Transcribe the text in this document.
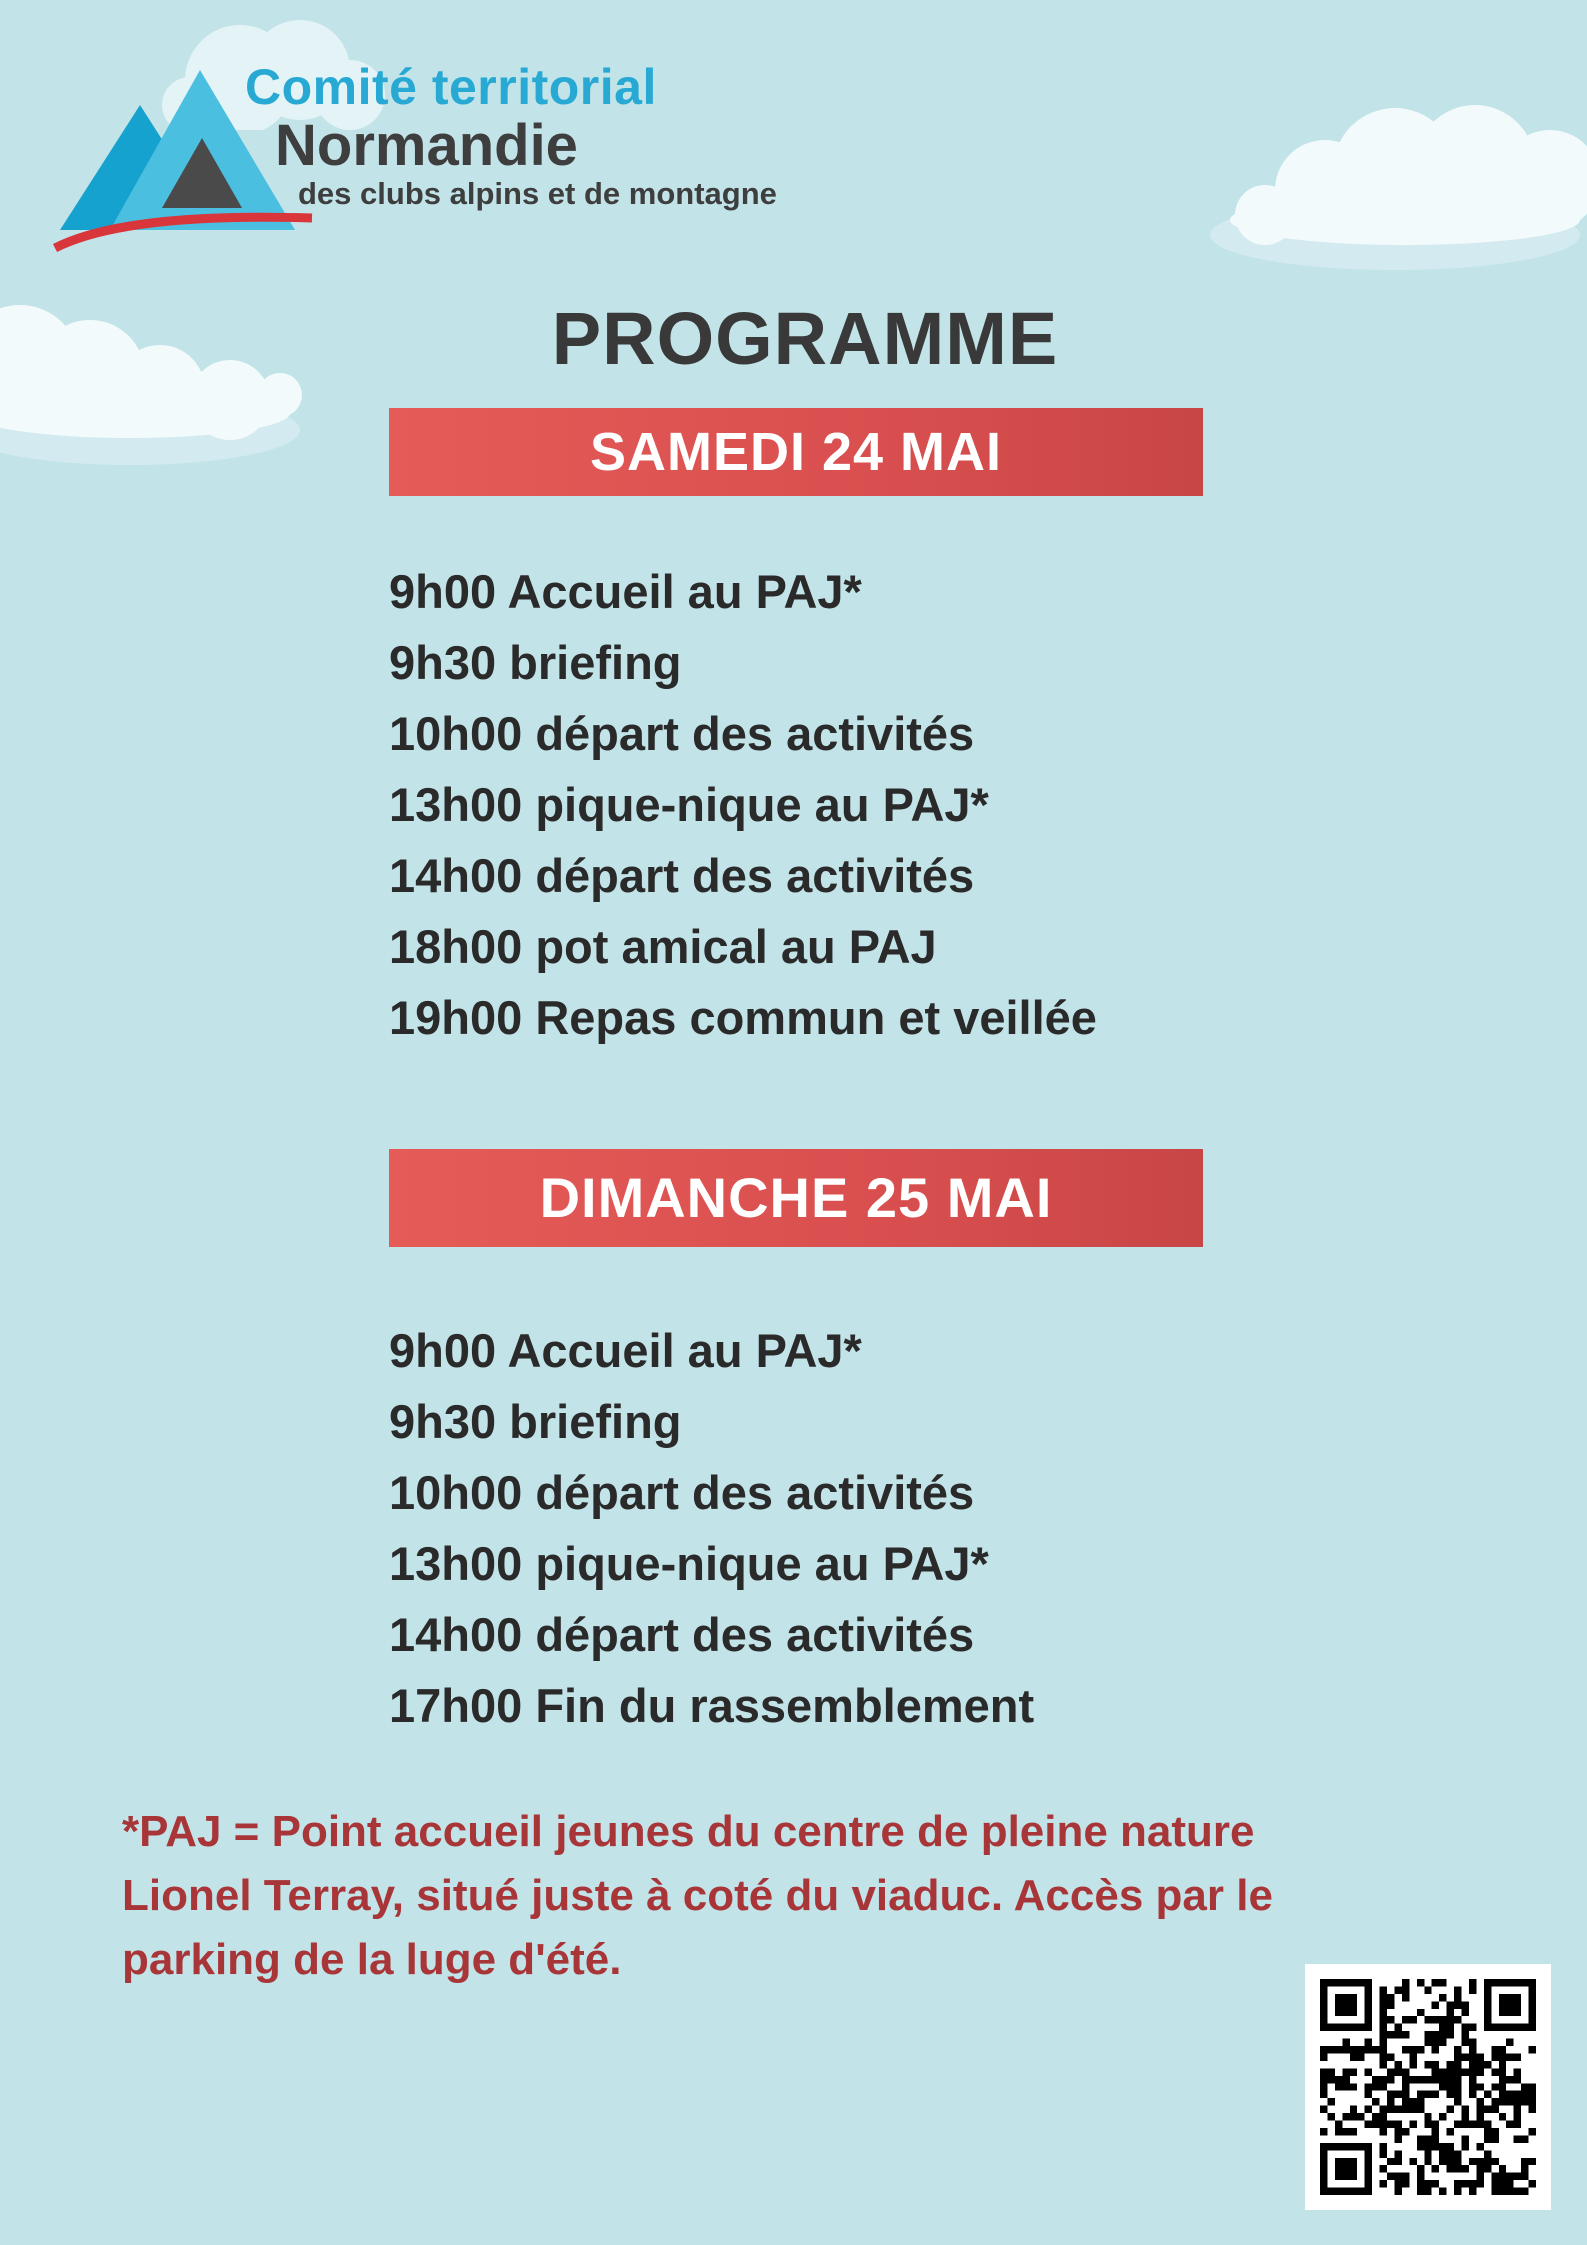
Comité territorial
Normandie
des clubs alpins et de montagne
PROGRAMME
SAMEDI 24 MAI
9h00 Accueil au PAJ*
9h30 briefing
10h00 départ des activités
13h00 pique-nique au PAJ*
14h00 départ des activités
18h00 pot amical au PAJ
19h00 Repas commun et veillée
DIMANCHE 25 MAI
9h00 Accueil au PAJ*
9h30 briefing
10h00 départ des activités
13h00 pique-nique au PAJ*
14h00 départ des activités
17h00 Fin du rassemblement
*PAJ = Point accueil jeunes du centre de pleine nature
Lionel Terray, situé juste à coté du viaduc. Accès par le
parking de la luge d'été.
